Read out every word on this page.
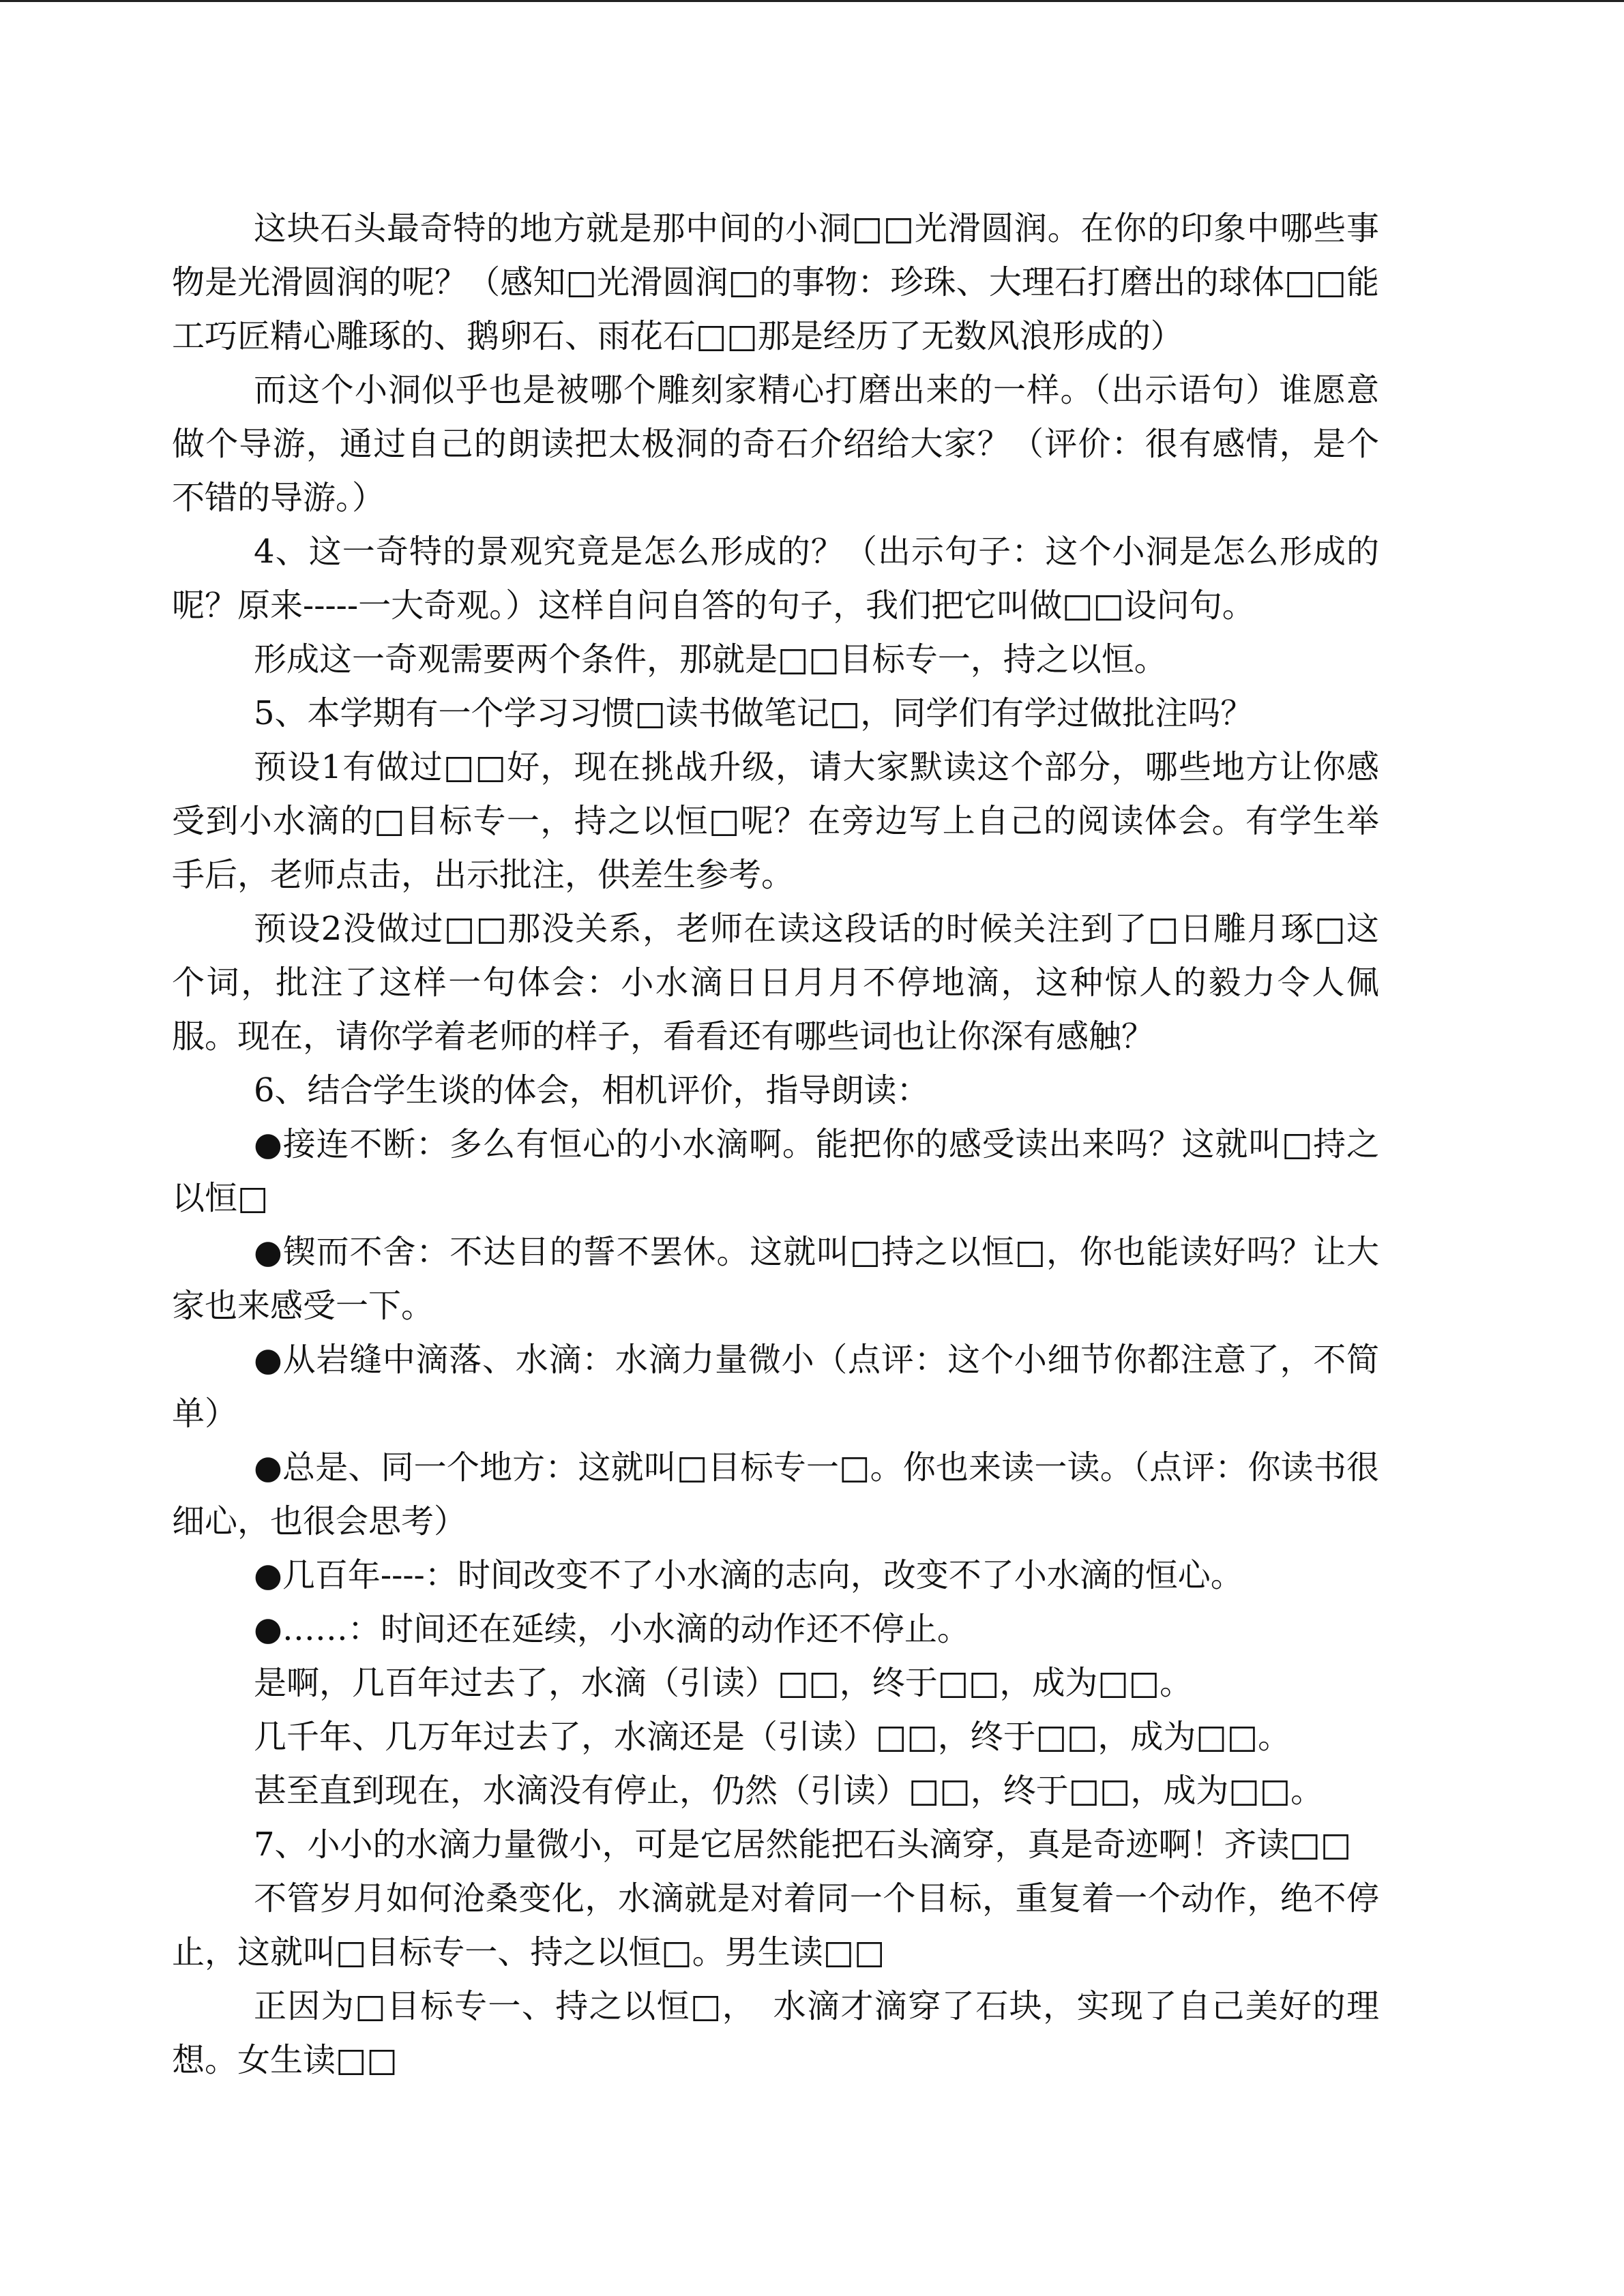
这块石头最奇特的地方就是那中间的小洞□□光滑圆润。在你的印象中哪些事物是光滑圆润的呢？（感知□光滑圆润□的事物：珍珠、大理石打磨出的球体□□能工巧匠精心雕琢的、鹅卵石、雨花石□□那是经历了无数风浪形成的）

而这个小洞似乎也是被哪个雕刻家精心打磨出来的一样。（出示语句）谁愿意做个导游，通过自己的朗读把太极洞的奇石介绍给大家？（评价：很有感情，是个不错的导游。）

4、这一奇特的景观究竟是怎么形成的？（出示句子：这个小洞是怎么形成的呢？原来-----一大奇观。）这样自问自答的句子，我们把它叫做□□设问句。

形成这一奇观需要两个条件，那就是□□目标专一，持之以恒。

5、本学期有一个学习习惯□读书做笔记□，同学们有学过做批注吗？

预设1有做过□□好，现在挑战升级，请大家默读这个部分，哪些地方让你感受到小水滴的□目标专一，持之以恒□呢？在旁边写上自己的阅读体会。有学生举手后，老师点击，出示批注，供差生参考。

预设2没做过□□那没关系，老师在读这段话的时候关注到了□日雕月琢□这个词，批注了这样一句体会：小水滴日日月月不停地滴，这种惊人的毅力令人佩服。现在，请你学着老师的样子，看看还有哪些词也让你深有感触？

6、结合学生谈的体会，相机评价，指导朗读：

●接连不断：多么有恒心的小水滴啊。能把你的感受读出来吗？这就叫□持之以恒□

●锲而不舍：不达目的誓不罢休。这就叫□持之以恒□，你也能读好吗？让大家也来感受一下。

●从岩缝中滴落、水滴：水滴力量微小（点评：这个小细节你都注意了，不简单）

●总是、同一个地方：这就叫□目标专一□。你也来读一读。（点评：你读书很细心，也很会思考）

●几百年----：时间改变不了小水滴的志向，改变不了小水滴的恒心。

●……：时间还在延续，小水滴的动作还不停止。

是啊，几百年过去了，水滴（引读）□□，终于□□，成为□□。

几千年、几万年过去了，水滴还是（引读）□□，终于□□，成为□□。

甚至直到现在，水滴没有停止，仍然（引读）□□，终于□□，成为□□。

7、小小的水滴力量微小，可是它居然能把石头滴穿，真是奇迹啊！齐读□□

不管岁月如何沧桑变化，水滴就是对着同一个目标，重复着一个动作，绝不停止，这就叫□目标专一、持之以恒□。男生读□□

正因为□目标专一、持之以恒□，　水滴才滴穿了石块，实现了自己美好的理想。女生读□□
